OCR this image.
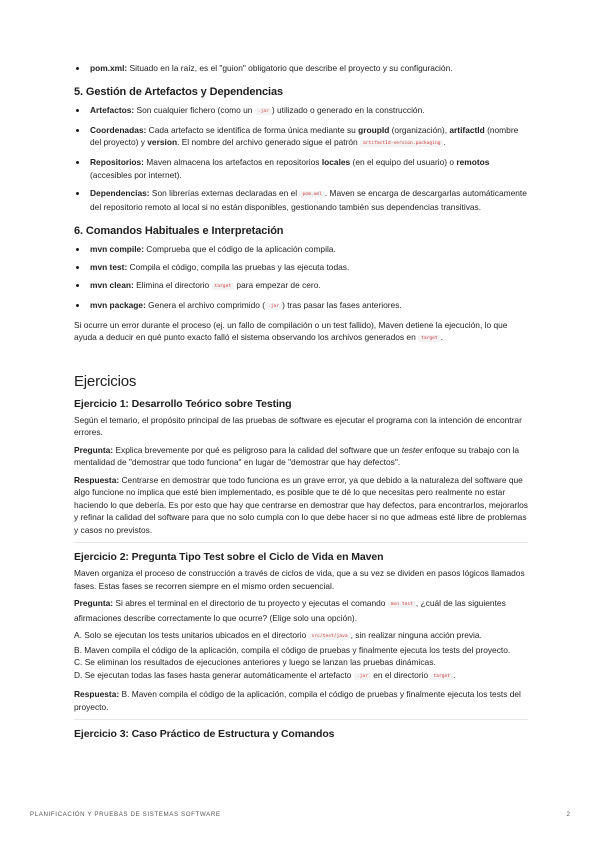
• pom.xml: Situado en la raíz, es el "guion" obligatorio que describe el proyecto y su configuración.
5. Gestión de Artefactos y Dependencias
• Artefactos: Son cualquier fichero (como un .jar ) utilizado o generado en la construcción.
• Coordenadas: Cada artefacto se identifica de forma única mediante su groupId (organización), artifactId (nombre del proyecto) y version. El nombre del archivo generado sigue el patrón artifactId-version.packaging .
• Repositorios: Maven almacena los artefactos en repositorios locales (en el equipo del usuario) o remotos (accesibles por internet).
• Dependencias: Son librerías externas declaradas en el pom.xml . Maven se encarga de descargarlas automáticamente del repositorio remoto al local si no están disponibles, gestionando también sus dependencias transitivas.
6. Comandos Habituales e Interpretación
• mvn compile: Comprueba que el código de la aplicación compila.
• mvn test: Compila el código, compila las pruebas y las ejecuta todas.
• mvn clean: Elimina el directorio target para empezar de cero.
• mvn package: Genera el archivo comprimido ( .jar ) tras pasar las fases anteriores.

Si ocurre un error durante el proceso (ej. un fallo de compilación o un test fallido), Maven detiene la ejecución, lo que ayuda a deducir en qué punto exacto falló el sistema observando los archivos generados en target .

Ejercicios
Ejercicio 1: Desarrollo Teórico sobre Testing

Según el temario, el propósito principal de las pruebas de software es ejecutar el programa con la intención de encontrar errores.

Pregunta: Explica brevemente por qué es peligroso para la calidad del software que un tester enfoque su trabajo con la mentalidad de "demostrar que todo funciona" en lugar de "demostrar que hay defectos".

Respuesta: Centrarse en demostrar que todo funciona es un grave error, ya que debido a la naturaleza del software que algo funcione no implica que esté bien implementado, es posible que te dé lo que necesitas pero realmente no estar haciendo lo que debería. Es por esto que hay que centrarse en demostrar que hay defectos, para encontrarlos, mejorarlos y refinar la calidad del software para que no solo cumpla con lo que debe hacer si no que admeas esté libre de problemas y casos no previstos.

Ejercicio 2: Pregunta Tipo Test sobre el Ciclo de Vida en Maven

Maven organiza el proceso de construcción a través de ciclos de vida, que a su vez se dividen en pasos lógicos llamados fases. Estas fases se recorren siempre en el mismo orden secuencial.

Pregunta: Si abres el terminal en el directorio de tu proyecto y ejecutas el comando mvn test , ¿cuál de las siguientes afirmaciones describe correctamente lo que ocurre? (Elige solo una opción).

A. Solo se ejecutan los tests unitarios ubicados en el directorio src/test/java , sin realizar ninguna acción previa.

B. Maven compila el código de la aplicación, compila el código de pruebas y finalmente ejecuta los tests del proyecto.

C. Se eliminan los resultados de ejecuciones anteriores y luego se lanzan las pruebas dinámicas.

D. Se ejecutan todas las fases hasta generar automáticamente el artefacto .jar en el directorio target .

Respuesta: B. Maven compila el código de la aplicación, compila el código de pruebas y finalmente ejecuta los tests del proyecto.

Ejercicio 3: Caso Práctico de Estructura y Comandos
PLANIFICACIÓN Y PRUEBAS DE SISTEMAS SOFTWARE	2
